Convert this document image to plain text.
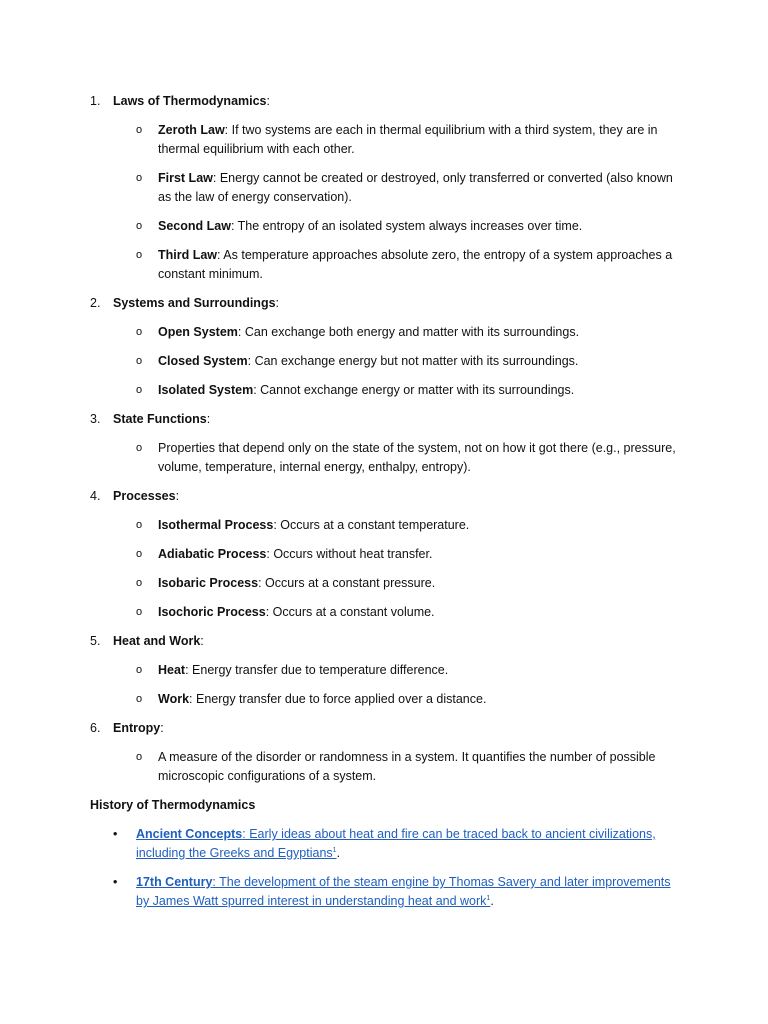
1. Laws of Thermodynamics:
o Zeroth Law: If two systems are each in thermal equilibrium with a third system, they are in thermal equilibrium with each other.
o First Law: Energy cannot be created or destroyed, only transferred or converted (also known as the law of energy conservation).
o Second Law: The entropy of an isolated system always increases over time.
o Third Law: As temperature approaches absolute zero, the entropy of a system approaches a constant minimum.
2. Systems and Surroundings:
o Open System: Can exchange both energy and matter with its surroundings.
o Closed System: Can exchange energy but not matter with its surroundings.
o Isolated System: Cannot exchange energy or matter with its surroundings.
3. State Functions:
o Properties that depend only on the state of the system, not on how it got there (e.g., pressure, volume, temperature, internal energy, enthalpy, entropy).
4. Processes:
o Isothermal Process: Occurs at a constant temperature.
o Adiabatic Process: Occurs without heat transfer.
o Isobaric Process: Occurs at a constant pressure.
o Isochoric Process: Occurs at a constant volume.
5. Heat and Work:
o Heat: Energy transfer due to temperature difference.
o Work: Energy transfer due to force applied over a distance.
6. Entropy:
o A measure of the disorder or randomness in a system. It quantifies the number of possible microscopic configurations of a system.
History of Thermodynamics
• Ancient Concepts: Early ideas about heat and fire can be traced back to ancient civilizations, including the Greeks and Egyptians$^1$.
• 17th Century: The development of the steam engine by Thomas Savery and later improvements by James Watt spurred interest in understanding heat and work$^1$.
